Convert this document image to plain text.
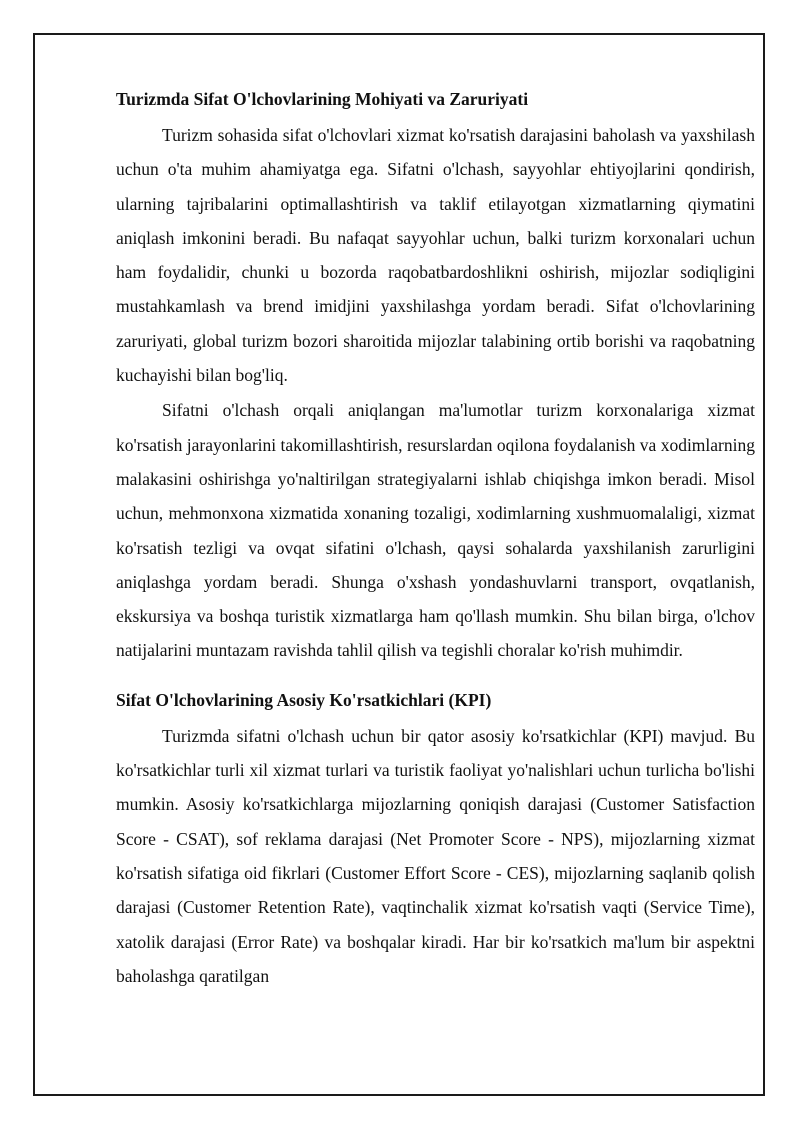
Turizmda Sifat O'lchovlarining Mohiyati va Zaruriyati

Turizm sohasida sifat o'lchovlari xizmat ko'rsatish darajasini baholash va yaxshilash uchun o'ta muhim ahamiyatga ega. Sifatni o'lchash, sayyohlar ehtiyojlarini qondirish, ularning tajribalarini optimallashtirish va taklif etilayotgan xizmatlarning qiymatini aniqlash imkonini beradi. Bu nafaqat sayyohlar uchun, balki turizm korxonalari uchun ham foydalidir, chunki u bozorda raqobatbardoshlikni oshirish, mijozlar sodiqligini mustahkamlash va brend imidjini yaxshilashga yordam beradi. Sifat o'lchovlarining zaruriyati, global turizm bozori sharoitida mijozlar talabining ortib borishi va raqobatning kuchayishi bilan bog'liq.

Sifatni o'lchash orqali aniqlangan ma'lumotlar turizm korxonalariga xizmat ko'rsatish jarayonlarini takomillashtirish, resurslardan oqilona foydalanish va xodimlarning malakasini oshirishga yo'naltirilgan strategiyalarni ishlab chiqishga imkon beradi. Misol uchun, mehmonxona xizmatida xonaning tozaligi, xodimlarning xushmuomalaligi, xizmat ko'rsatish tezligi va ovqat sifatini o'lchash, qaysi sohalarda yaxshilanish zarurligini aniqlashga yordam beradi. Shunga o'xshash yondashuvlarni transport, ovqatlanish, ekskursiya va boshqa turistik xizmatlarga ham qo'llash mumkin. Shu bilan birga, o'lchov natijalarini muntazam ravishda tahlil qilish va tegishli choralar ko'rish muhimdir.

Sifat O'lchovlarining Asosiy Ko'rsatkichlari (KPI)

Turizmda sifatni o'lchash uchun bir qator asosiy ko'rsatkichlar (KPI) mavjud. Bu ko'rsatkichlar turli xil xizmat turlari va turistik faoliyat yo'nalishlari uchun turlicha bo'lishi mumkin. Asosiy ko'rsatkichlarga mijozlarning qoniqish darajasi (Customer Satisfaction Score - CSAT), sof reklama darajasi (Net Promoter Score - NPS), mijozlarning xizmat ko'rsatish sifatiga oid fikrlari (Customer Effort Score - CES), mijozlarning saqlanib qolish darajasi (Customer Retention Rate), vaqtinchalik xizmat ko'rsatish vaqti (Service Time), xatolik darajasi (Error Rate) va boshqalar kiradi. Har bir ko'rsatkich ma'lum bir aspektni baholashga qaratilgan
